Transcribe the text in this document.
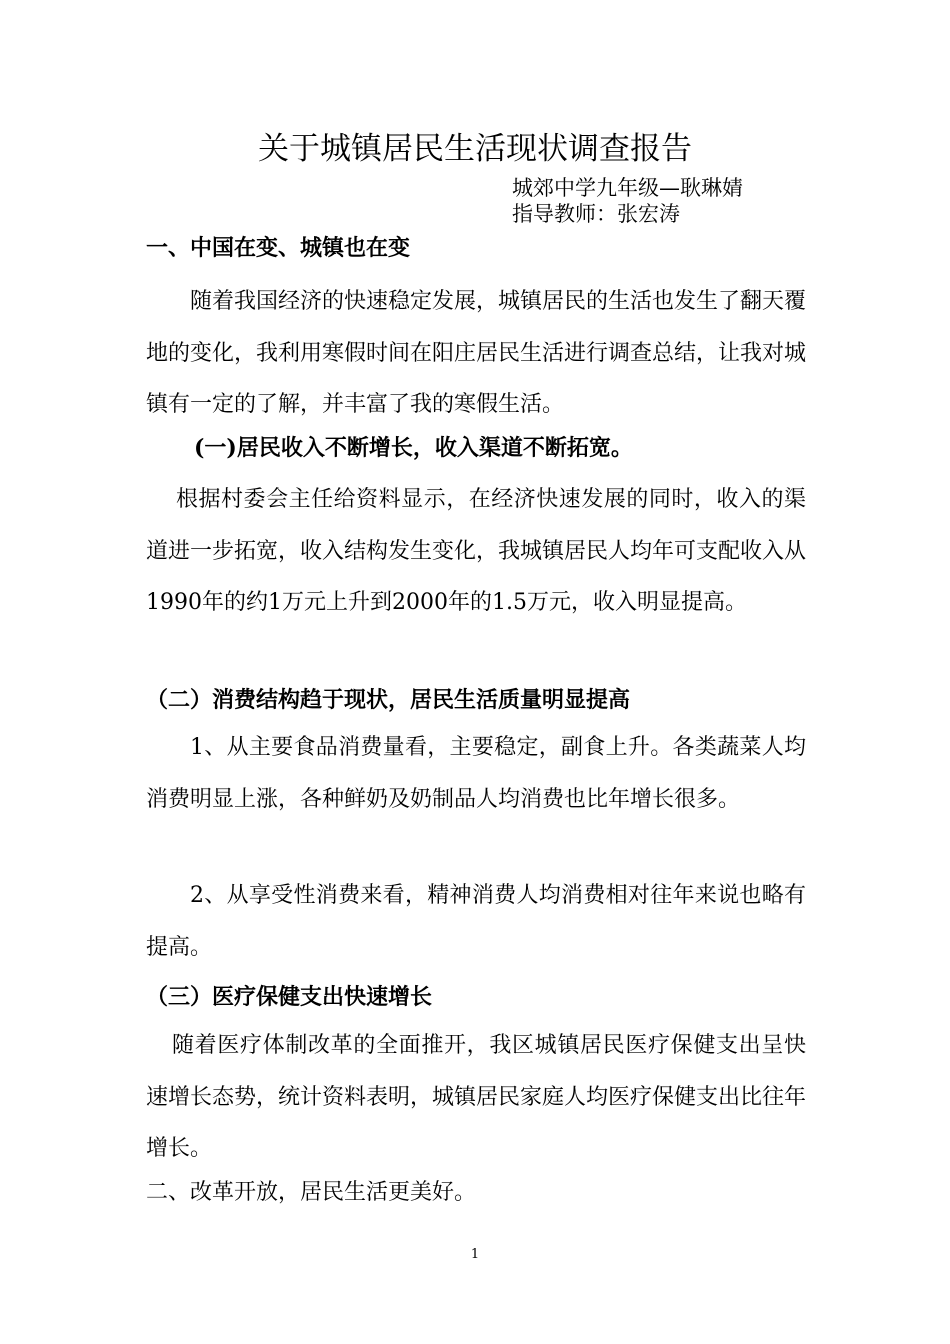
关于城镇居民生活现状调查报告
城郊中学九年级—耿琳婧
指导教师：张宏涛
一、中国在变、城镇也在变

随着我国经济的快速稳定发展，城镇居民的生活也发生了翻天覆地的变化，我利用寒假时间在阳庄居民生活进行调查总结，让我对城镇有一定的了解，并丰富了我的寒假生活。

(一)居民收入不断增长，收入渠道不断拓宽。

根据村委会主任给资料显示，在经济快速发展的同时，收入的渠道进一步拓宽，收入结构发生变化，我城镇居民人均年可支配收入从1990年的约1万元上升到2000年的1.5万元，收入明显提高。

（二）消费结构趋于现状，居民生活质量明显提高

1、从主要食品消费量看，主要稳定，副食上升。各类蔬菜人均消费明显上涨，各种鲜奶及奶制品人均消费也比年增长很多。

2、从享受性消费来看，精神消费人均消费相对往年来说也略有提高。

（三）医疗保健支出快速增长

随着医疗体制改革的全面推开，我区城镇居民医疗保健支出呈快速增长态势，统计资料表明，城镇居民家庭人均医疗保健支出比往年增长。

二、改革开放，居民生活更美好。
1
